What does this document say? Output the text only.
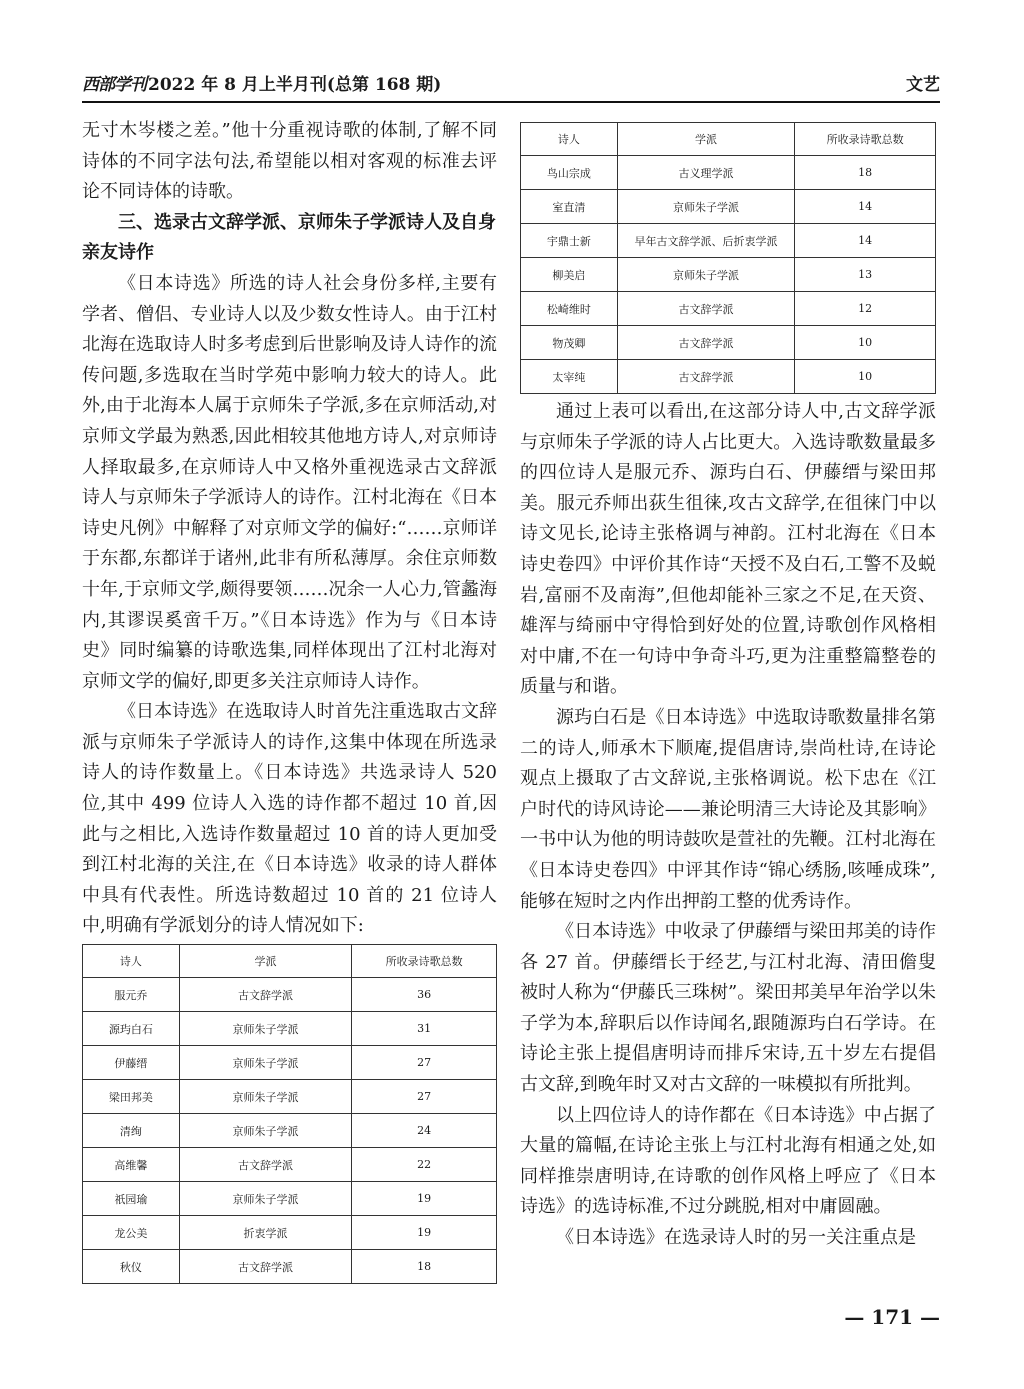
西部学刊 2022 年 8 月上半月刊(总第 168 期)	文艺

无寸木岑楼之差。”他十分重视诗歌的体制,了解不同诗体的不同字法句法,希望能以相对客观的标准去评论不同诗体的诗歌。

三、选录古文辞学派、京师朱子学派诗人及自身亲友诗作

《日本诗选》所选的诗人社会身份多样,主要有学者、僧侣、专业诗人以及少数女性诗人。由于江村北海在选取诗人时多考虑到后世影响及诗人诗作的流传问题,多选取在当时学苑中影响力较大的诗人。此外,由于北海本人属于京师朱子学派,多在京师活动,对京师文学最为熟悉,因此相较其他地方诗人,对京师诗人择取最多,在京师诗人中又格外重视选录古文辞派诗人与京师朱子学派诗人的诗作。江村北海在《日本诗史凡例》中解释了对京师文学的偏好:“……京师详于东都,东都详于诸州,此非有所私薄厚。余住京师数十年,于京师文学,颇得要领……况余一人心力,管蠡海内,其谬误奚啻千万。”《日本诗选》作为与《日本诗史》同时编纂的诗歌选集,同样体现出了江村北海对京师文学的偏好,即更多关注京师诗人诗作。

《日本诗选》在选取诗人时首先注重选取古文辞派与京师朱子学派诗人的诗作,这集中体现在所选录诗人的诗作数量上。《日本诗选》共选录诗人 520 位,其中 499 位诗人入选的诗作都不超过 10 首,因此与之相比,入选诗作数量超过 10 首的诗人更加受到江村北海的关注,在《日本诗选》收录的诗人群体中具有代表性。所选诗数超过 10 首的 21 位诗人中,明确有学派划分的诗人情况如下:

诗人	学派	所收录诗歌总数
服元乔	古文辞学派	36
源玙白石	京师朱子学派	31
伊藤缙	京师朱子学派	27
梁田邦美	京师朱子学派	27
清绚	京师朱子学派	24
高维馨	古文辞学派	22
祇园瑜	京师朱子学派	19
龙公美	折衷学派	19
秋仪	古文辞学派	18
诗人	学派	所收录诗歌总数
鸟山宗成	古义理学派	18
室直清	京师朱子学派	14
宇鼎士新	早年古文辞学派、后折衷学派	14
柳美启	京师朱子学派	13
松崎维时	古文辞学派	12
物茂卿	古文辞学派	10
太宰纯	古文辞学派	10

通过上表可以看出,在这部分诗人中,古文辞学派与京师朱子学派的诗人占比更大。入选诗歌数量最多的四位诗人是服元乔、源玙白石、伊藤缙与梁田邦美。服元乔师出荻生徂徕,攻古文辞学,在徂徕门中以诗文见长,论诗主张格调与神韵。江村北海在《日本诗史卷四》中评价其作诗“天授不及白石,工警不及蜕岩,富丽不及南海”,但他却能补三家之不足,在天资、雄浑与绮丽中守得恰到好处的位置,诗歌创作风格相对中庸,不在一句诗中争奇斗巧,更为注重整篇整卷的质量与和谐。

源玙白石是《日本诗选》中选取诗歌数量排名第二的诗人,师承木下顺庵,提倡唐诗,崇尚杜诗,在诗论观点上摄取了古文辞说,主张格调说。松下忠在《江户时代的诗风诗论——兼论明清三大诗论及其影响》一书中认为他的明诗鼓吹是萱社的先鞭。江村北海在《日本诗史卷四》中评其作诗“锦心绣肠,咳唾成珠”,能够在短时之内作出押韵工整的优秀诗作。

《日本诗选》中收录了伊藤缙与梁田邦美的诗作各 27 首。伊藤缙长于经艺,与江村北海、清田儋叟被时人称为“伊藤氏三珠树”。梁田邦美早年治学以朱子学为本,辞职后以作诗闻名,跟随源玙白石学诗。在诗论主张上提倡唐明诗而排斥宋诗,五十岁左右提倡古文辞,到晚年时又对古文辞的一味模拟有所批判。

以上四位诗人的诗作都在《日本诗选》中占据了大量的篇幅,在诗论主张上与江村北海有相通之处,如同样推崇唐明诗,在诗歌的创作风格上呼应了《日本诗选》的选诗标准,不过分跳脱,相对中庸圆融。

《日本诗选》在选录诗人时的另一关注重点是

— 171 —
